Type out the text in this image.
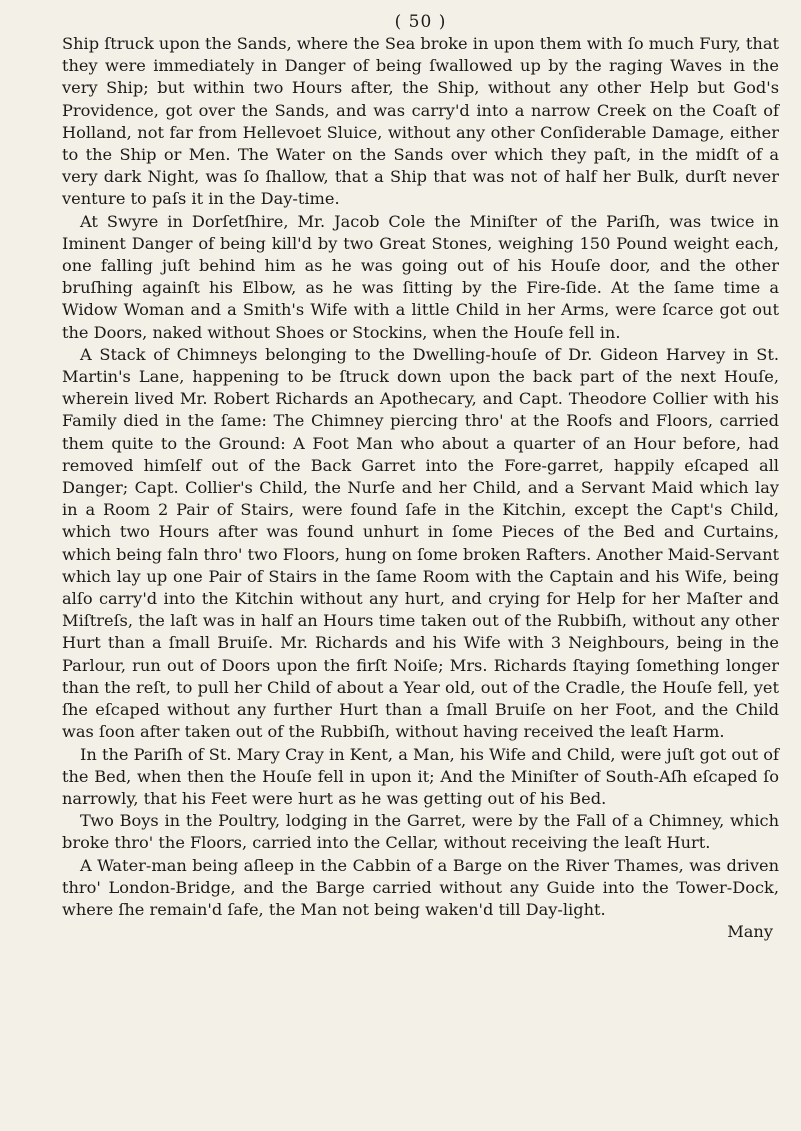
( 50 )

Ship ſtruck upon the Sands, where the Sea broke in upon them with ſo much Fury, that they were immediately in Danger of being ſwallowed up by the raging Waves in the very Ship; but within two Hours after, the Ship, without any other Help but God's Providence, got over the Sands, and was carry'd into a narrow Creek on the Coaſt of Holland, not far from Hellevoet Sluice, without any other Conſiderable Damage, either to the Ship or Men. The Water on the Sands over which they paſt, in the midſt of a very dark Night, was ſo ſhallow, that a Ship that was not of half her Bulk, durſt never venture to paſs it in the Day-time.

At Swyre in Dorſetſhire, Mr. Jacob Cole the Miniſter of the Pariſh, was twice in Iminent Danger of being kill'd by two Great Stones, weighing 150 Pound weight each, one falling juſt behind him as he was going out of his Houſe door, and the other bruſhing againſt his Elbow, as he was ſitting by the Fire-ſide. At the ſame time a Widow Woman and a Smith's Wife with a little Child in her Arms, were ſcarce got out the Doors, naked without Shoes or Stockins, when the Houſe fell in.

A Stack of Chimneys belonging to the Dwelling-houſe of Dr. Gideon Harvey in St. Martin's Lane, happening to be ſtruck down upon the back part of the next Houſe, wherein lived Mr. Robert Richards an Apothecary, and Capt. Theodore Collier with his Family died in the ſame: The Chimney piercing thro' at the Roofs and Floors, carried them quite to the Ground: A Foot Man who about a quarter of an Hour before, had removed himſelf out of the Back Garret into the Fore-garret, happily eſcaped all Danger; Capt. Collier's Child, the Nurſe and her Child, and a Servant Maid which lay in a Room 2 Pair of Stairs, were found ſafe in the Kitchin, except the Capt's Child, which two Hours after was found unhurt in ſome Pieces of the Bed and Curtains, which being faln thro' two Floors, hung on ſome broken Rafters. Another Maid-Servant which lay up one Pair of Stairs in the ſame Room with the Captain and his Wife, being alſo carry'd into the Kitchin without any hurt, and crying for Help for her Maſter and Miſtreſs, the laſt was in half an Hours time taken out of the Rubbiſh, without any other Hurt than a ſmall Bruiſe. Mr. Richards and his Wife with 3 Neighbours, being in the Parlour, run out of Doors upon the firſt Noiſe; Mrs. Richards ſtaying ſomething longer than the reſt, to pull her Child of about a Year old, out of the Cradle, the Houſe fell, yet ſhe eſcaped without any further Hurt than a ſmall Bruiſe on her Foot, and the Child was ſoon after taken out of the Rubbiſh, without having received the leaſt Harm.

In the Pariſh of St. Mary Cray in Kent, a Man, his Wife and Child, were juſt got out of the Bed, when then the Houſe fell in upon it; And the Miniſter of South-Aſh eſcaped ſo narrowly, that his Feet were hurt as he was getting out of his Bed.

Two Boys in the Poultry, lodging in the Garret, were by the Fall of a Chimney, which broke thro' the Floors, carried into the Cellar, without receiving the leaſt Hurt.

A Water-man being aſleep in the Cabbin of a Barge on the River Thames, was driven thro' London-Bridge, and the Barge carried without any Guide into the Tower-Dock, where ſhe remain'd ſafe, the Man not being waken'd till Day-light.

Many
